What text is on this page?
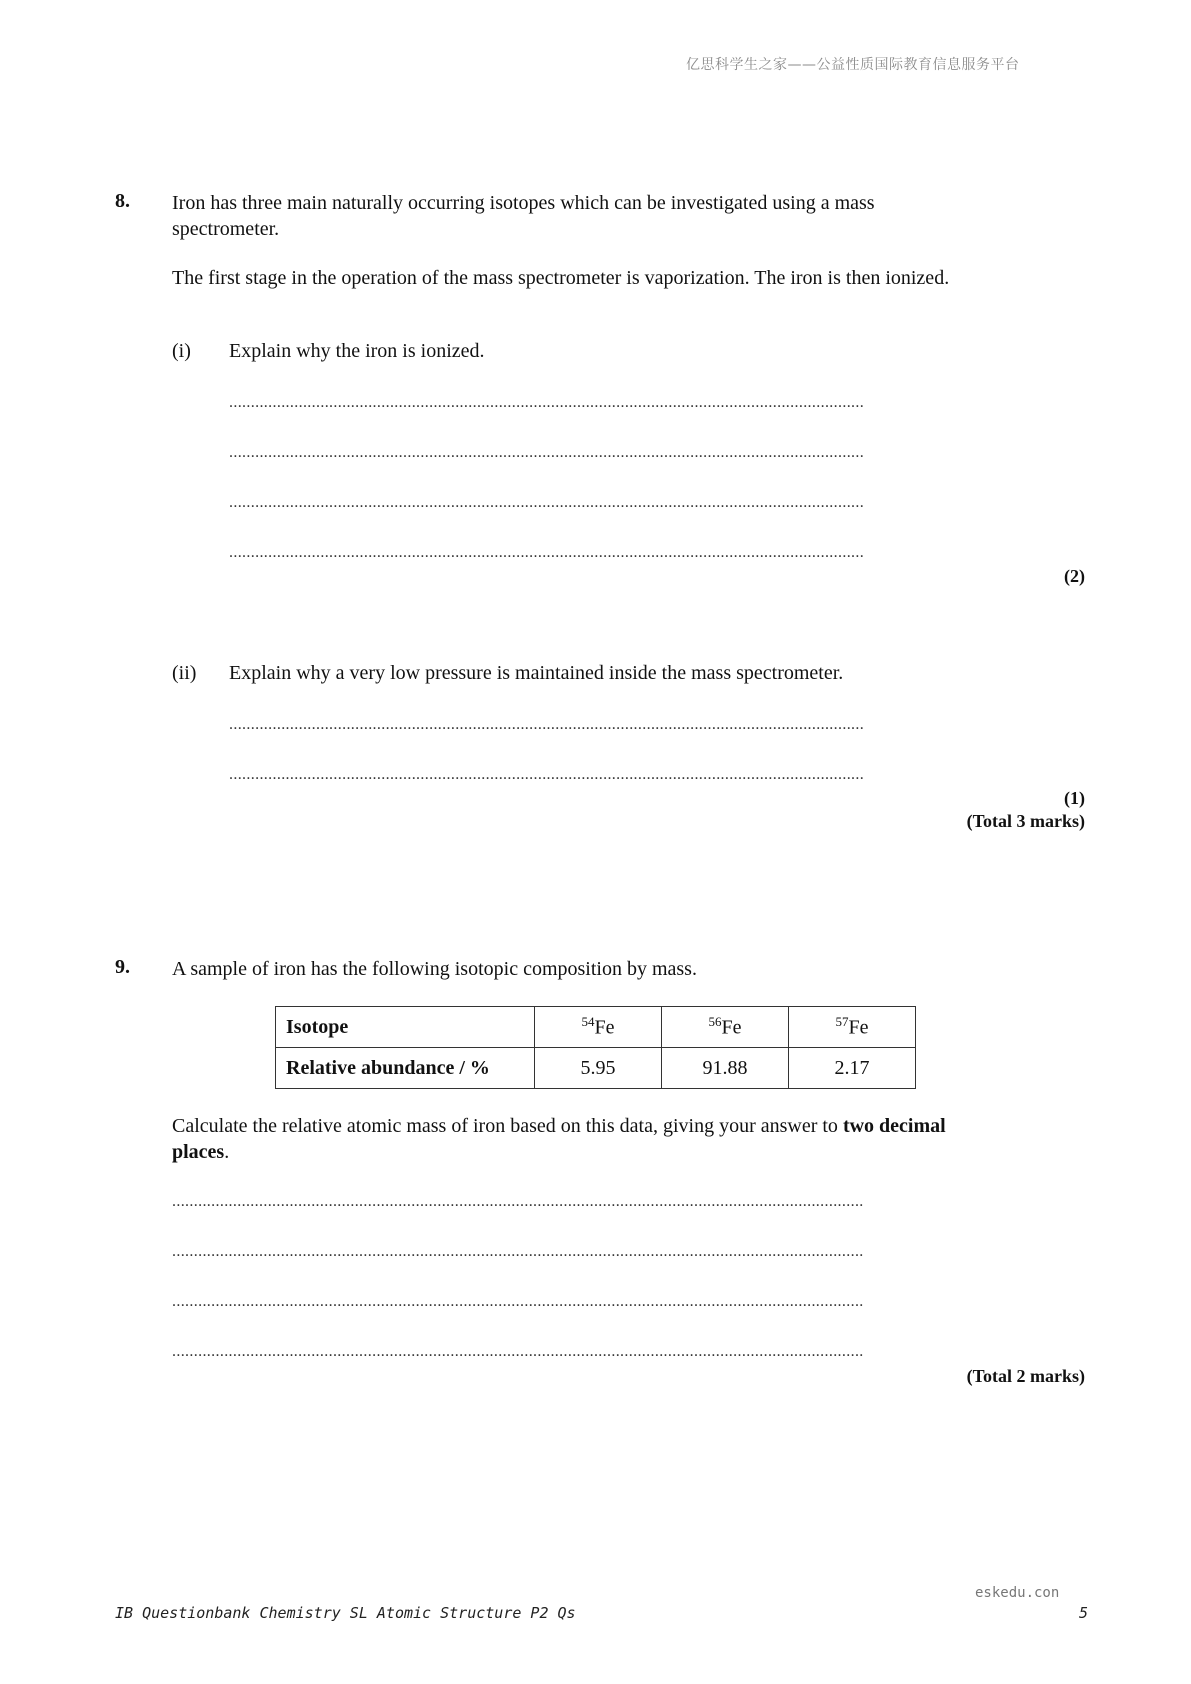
亿思科学生之家——公益性质国际教育信息服务平台
8. Iron has three main naturally occurring isotopes which can be investigated using a mass spectrometer.
The first stage in the operation of the mass spectrometer is vaporization. The iron is then ionized.
(i) Explain why the iron is ionized.
..................................................................................................................................................
..................................................................................................................................................
..................................................................................................................................................
..................................................................................................................................................
(2)
(ii) Explain why a very low pressure is maintained inside the mass spectrometer.
..................................................................................................................................................
..................................................................................................................................................
(1)
(Total 3 marks)
9. A sample of iron has the following isotopic composition by mass.
Isotope	$^{54}$Fe	$^{56}$Fe	$^{57}$Fe
Relative abundance / %	5.95	91.88	2.17
Calculate the relative atomic mass of iron based on this data, giving your answer to two decimal places.
...............................................................................................................................................................
...............................................................................................................................................................
...............................................................................................................................................................
...............................................................................................................................................................
(Total 2 marks)
eskedu.con
IB Questionbank Chemistry SL Atomic Structure P2 Qs	5
